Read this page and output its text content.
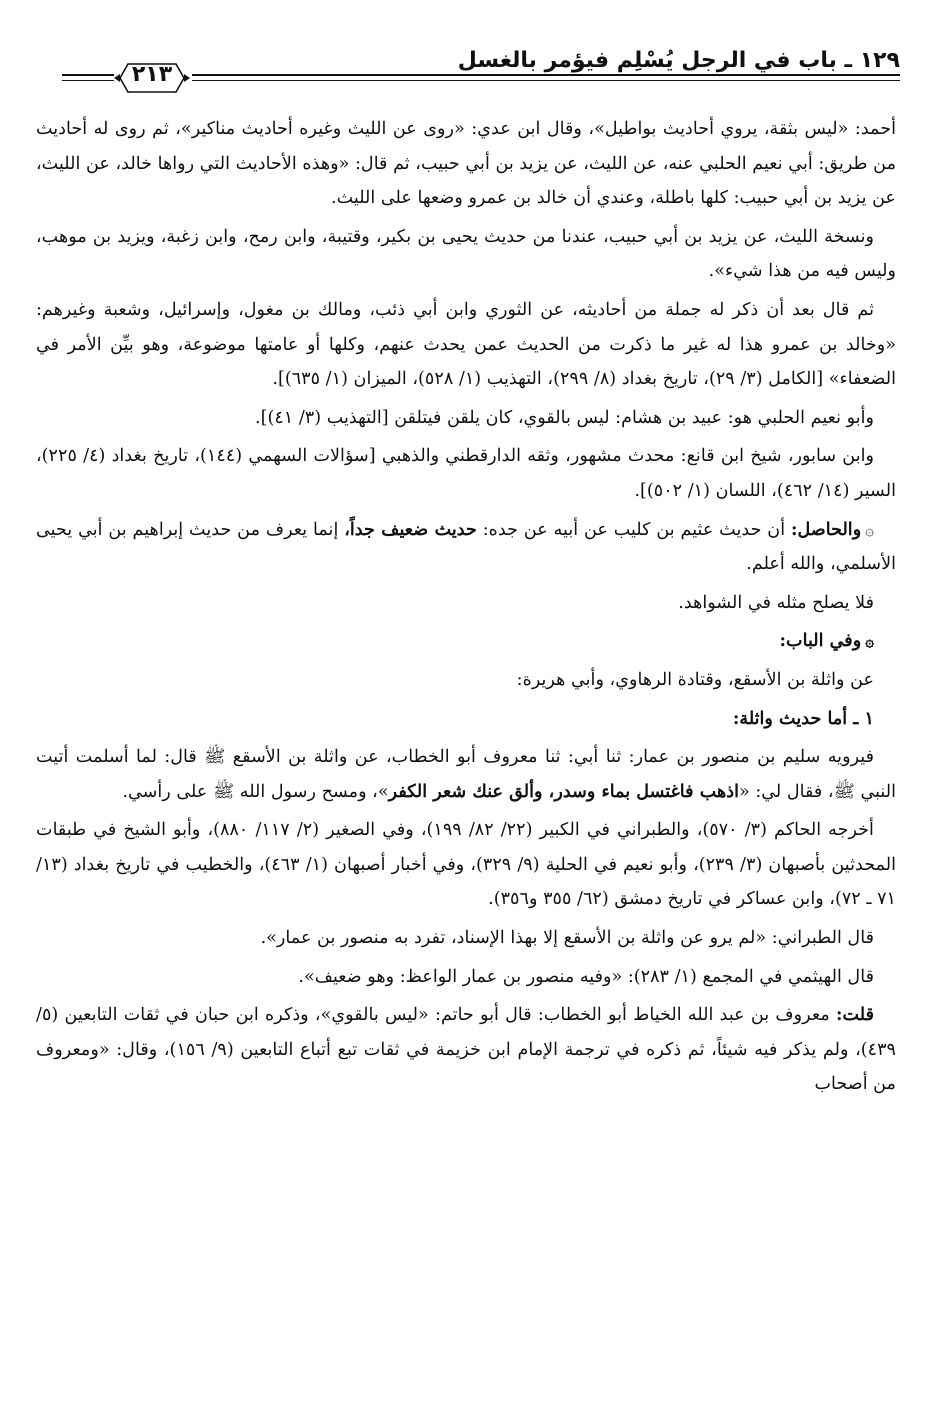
١٢٩ ـ باب في الرجل يُسْلِم فيؤمر بالغسل
٢١٣

أحمد: «ليس بثقة، يروي أحاديث بواطيل»، وقال ابن عدي: «روى عن الليث وغيره أحاديث مناكير»، ثم روى له أحاديث من طريق: أبي نعيم الحلبي عنه، عن الليث، عن يزيد بن أبي حبيب، ثم قال: «وهذه الأحاديث التي رواها خالد، عن الليث، عن يزيد بن أبي حبيب: كلها باطلة، وعندي أن خالد بن عمرو وضعها على الليث.

ونسخة الليث، عن يزيد بن أبي حبيب، عندنا من حديث يحيى بن بكير، وقتيبة، وابن رمح، وابن زغبة، ويزيد بن موهب، وليس فيه من هذا شيء».

ثم قال بعد أن ذكر له جملة من أحاديثه، عن الثوري وابن أبي ذئب، ومالك بن مغول، وإسرائيل، وشعبة وغيرهم: «وخالد بن عمرو هذا له غير ما ذكرت من الحديث عمن يحدث عنهم، وكلها أو عامتها موضوعة، وهو بيِّن الأمر في الضعفاء» [الكامل (٣/ ٢٩)، تاريخ بغداد (٨/ ٢٩٩)، التهذيب (١/ ٥٢٨)، الميزان (١/ ٦٣٥)].

وأبو نعيم الحلبي هو: عبيد بن هشام: ليس بالقوي، كان يلقن فيتلقن [التهذيب (٣/ ٤١)].

وابن سابور، شيخ ابن قانع: محدث مشهور، وثقه الدارقطني والذهبي [سؤالات السهمي (١٤٤)، تاريخ بغداد (٤/ ٢٢٥)، السير (١٤/ ٤٦٢)، اللسان (١/ ٥٠٢)].

۞والحاصل: أن حديث عثيم بن كليب عن أبيه عن جده: حديث ضعيف جداً، إنما يعرف من حديث إبراهيم بن أبي يحيى الأسلمي، والله أعلم.

فلا يصلح مثله في الشواهد.

۞وفي الباب:

عن واثلة بن الأسقع، وقتادة الرهاوي، وأبي هريرة:

١ ـ أما حديث واثلة:

فيرويه سليم بن منصور بن عمار: ثنا أبي: ثنا معروف أبو الخطاب، عن واثلة بن الأسقع ﷺ قال: لما أسلمت أتيت النبي ﷺ، فقال لي: «اذهب فاغتسل بماء وسدر، وألق عنك شعر الكفر»، ومسح رسول الله ﷺ على رأسي.

أخرجه الحاكم (٣/ ٥٧٠)، والطبراني في الكبير (٢٢/ ٨٢/ ١٩٩)، وفي الصغير (٢/ ١١٧/ ٨٨٠)، وأبو الشيخ في طبقات المحدثين بأصبهان (٣/ ٢٣٩)، وأبو نعيم في الحلية (٩/ ٣٢٩)، وفي أخبار أصبهان (١/ ٤٦٣)، والخطيب في تاريخ بغداد (١٣/ ٧١ ـ ٧٢)، وابن عساكر في تاريخ دمشق (٦٢/ ٣٥٥ و٣٥٦).

قال الطبراني: «لم يرو عن واثلة بن الأسقع إلا بهذا الإسناد، تفرد به منصور بن عمار».

قال الهيثمي في المجمع (١/ ٢٨٣): «وفيه منصور بن عمار الواعظ: وهو ضعيف».

قلت: معروف بن عبد الله الخياط أبو الخطاب: قال أبو حاتم: «ليس بالقوي»، وذكره ابن حبان في ثقات التابعين (٥/ ٤٣٩)، ولم يذكر فيه شيئاً، ثم ذكره في ترجمة الإمام ابن خزيمة في ثقات تبع أتباع التابعين (٩/ ١٥٦)، وقال: «ومعروف من أصحاب
